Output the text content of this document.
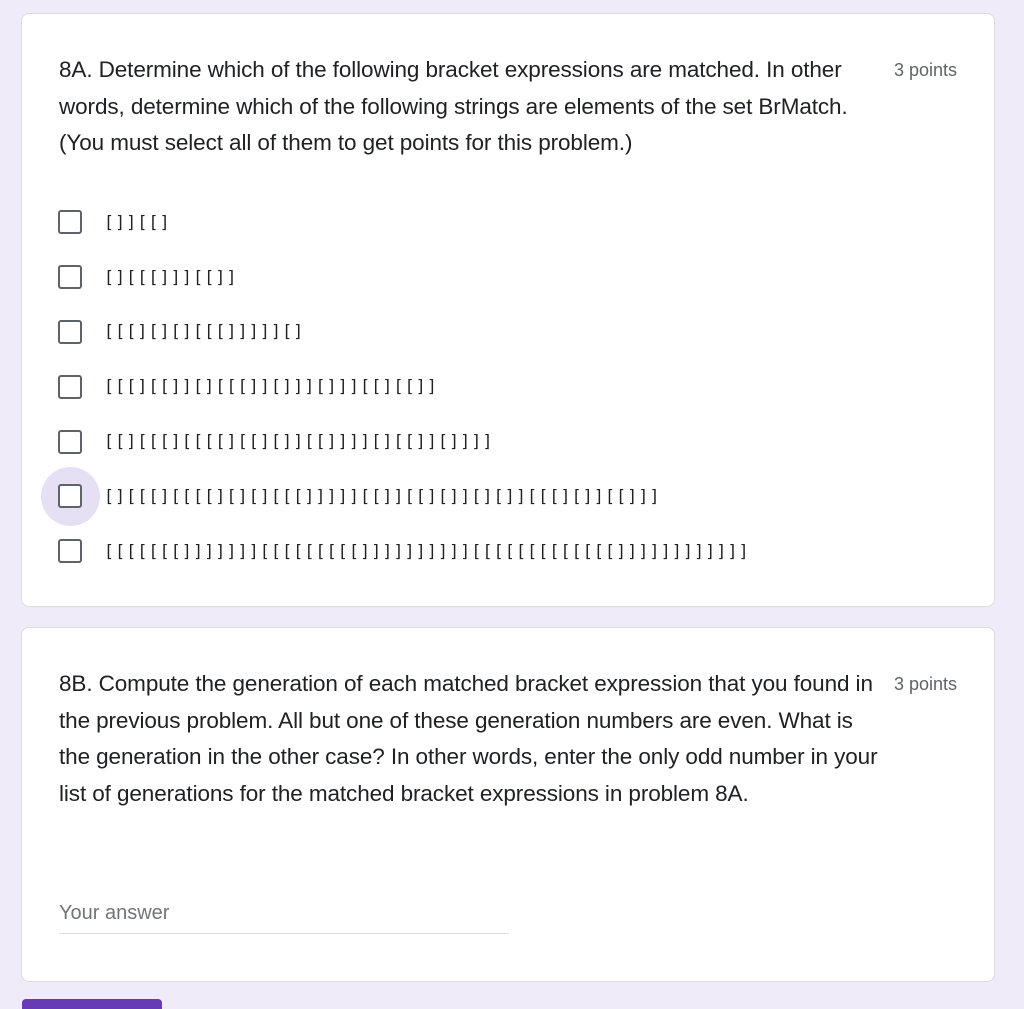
8A. Determine which of the following bracket expressions are matched. In other words, determine which of the following strings are elements of the set BrMatch. (You must select all of them to get points for this problem.)
3 points
[]][[]
[][[[]]][[]]
[[[][][][[[]]]]][]
[[[][[]][][[[]][]]][]]][[][[]]
[[][[[][[[[][[][]][[]]]][][[]][]]]]
[][[[][[[[][][][[[]]]]][[]][[][]][][]][[[][]][[]]]
[[[[[[[]]]]]]][[[[[[[[[]]]]]]]]]][[[[[[[[[[[[[]]]]]]]]]]]]
8B. Compute the generation of each matched bracket expression that you found in the previous problem. All but one of these generation numbers are even. What is the generation in the other case? In other words, enter the only odd number in your list of generations for the matched bracket expressions in problem 8A.
3 points
Your answer
